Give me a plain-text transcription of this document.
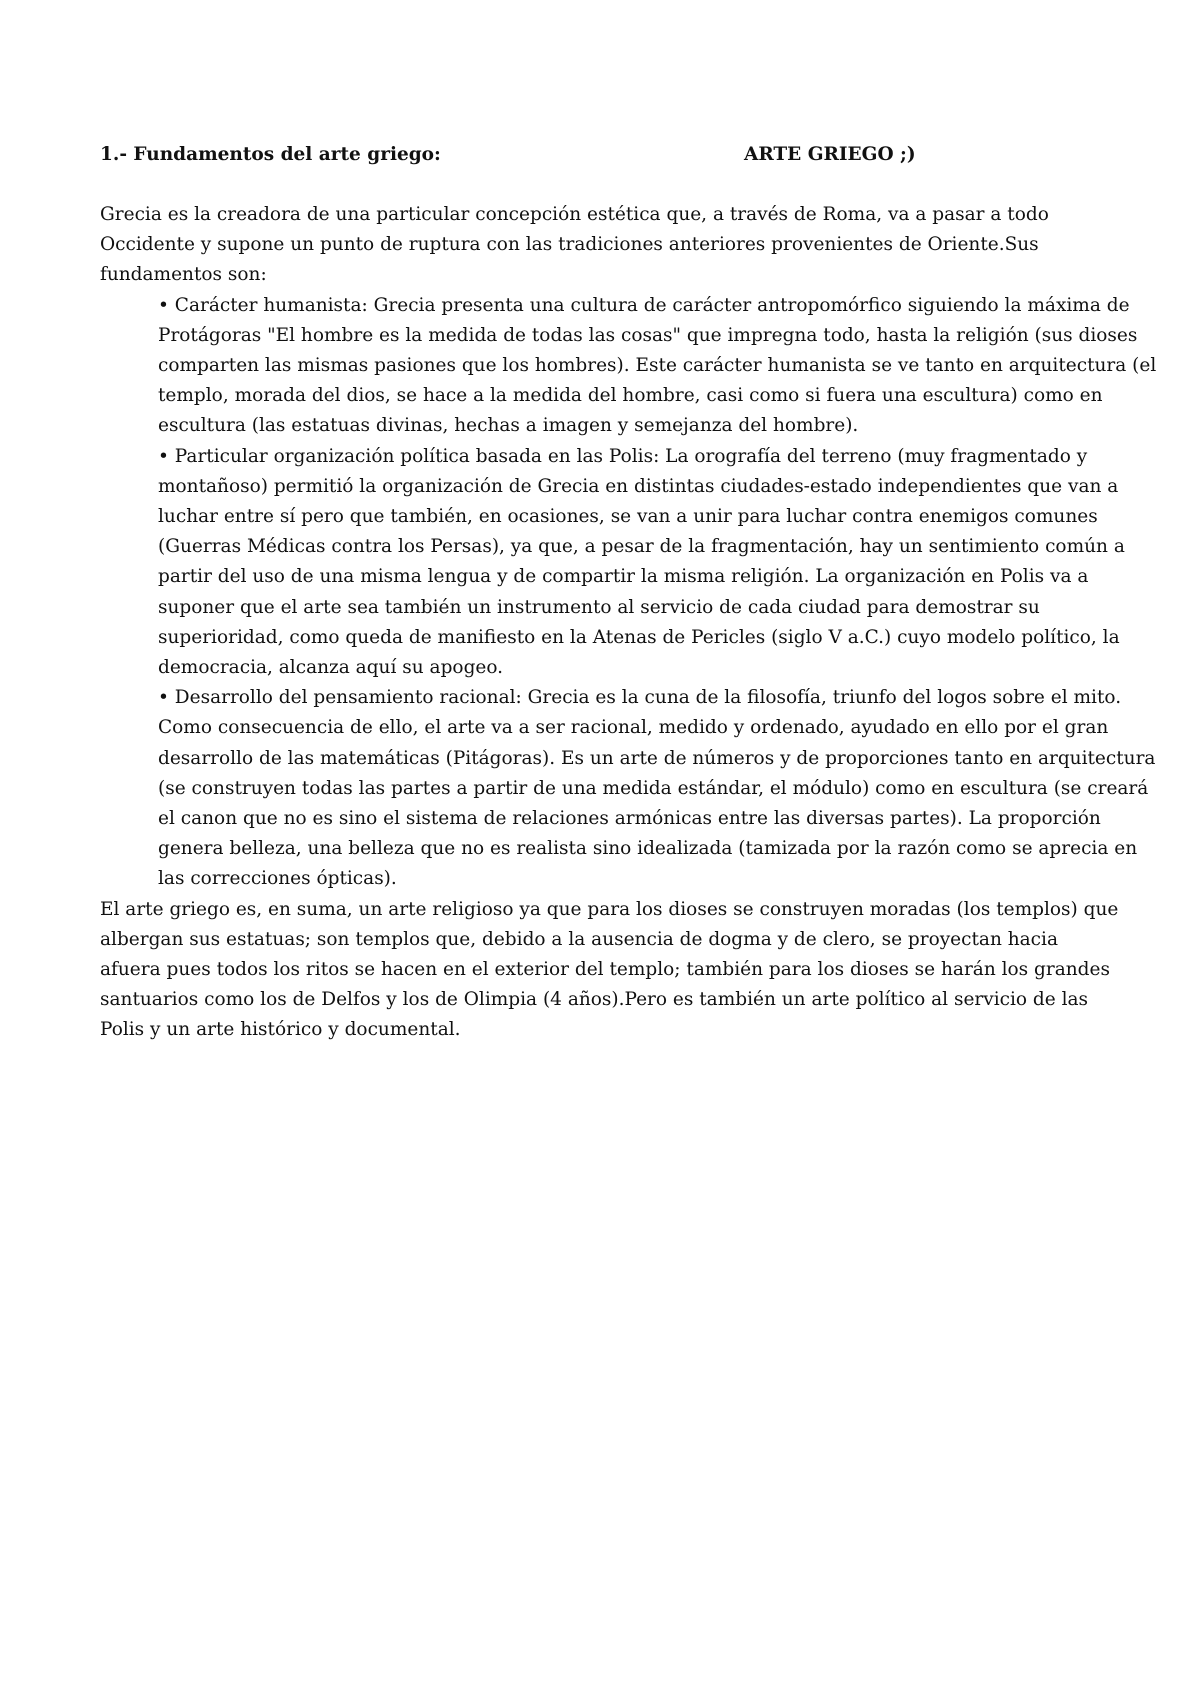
1.- Fundamentos del arte griego:	ARTE GRIEGO ;)

Grecia es la creadora de una particular concepción estética que, a través de Roma, va a pasar a todo Occidente y supone un punto de ruptura con las tradiciones anteriores provenientes de Oriente.Sus fundamentos son:

• Carácter humanista: Grecia presenta una cultura de carácter antropomórfico siguiendo la máxima de Protágoras "El hombre es la medida de todas las cosas" que impregna todo, hasta la religión (sus dioses comparten las mismas pasiones que los hombres). Este carácter humanista se ve tanto en arquitectura (el templo, morada del dios, se hace a la medida del hombre, casi como si fuera una escultura) como en escultura (las estatuas divinas, hechas a imagen y semejanza del hombre).

• Particular organización política basada en las Polis: La orografía del terreno (muy fragmentado y montañoso) permitió la organización de Grecia en distintas ciudades-estado independientes que van a luchar entre sí pero que también, en ocasiones, se van a unir para luchar contra enemigos comunes (Guerras Médicas contra los Persas), ya que, a pesar de la fragmentación, hay un sentimiento común a partir del uso de una misma lengua y de compartir la misma religión. La organización en Polis va a suponer que el arte sea también un instrumento al servicio de cada ciudad para demostrar su superioridad, como queda de manifiesto en la Atenas de Pericles (siglo V a.C.) cuyo modelo político, la democracia, alcanza aquí su apogeo.

• Desarrollo del pensamiento racional: Grecia es la cuna de la filosofía, triunfo del logos sobre el mito. Como consecuencia de ello, el arte va a ser racional, medido y ordenado, ayudado en ello por el gran desarrollo de las matemáticas (Pitágoras). Es un arte de números y de proporciones tanto en arquitectura (se construyen todas las partes a partir de una medida estándar, el módulo) como en escultura (se creará el canon que no es sino el sistema de relaciones armónicas entre las diversas partes). La proporción genera belleza, una belleza que no es realista sino idealizada (tamizada por la razón como se aprecia en las correcciones ópticas).

El arte griego es, en suma, un arte religioso ya que para los dioses se construyen moradas (los templos) que albergan sus estatuas; son templos que, debido a la ausencia de dogma y de clero, se proyectan hacia afuera pues todos los ritos se hacen en el exterior del templo; también para los dioses se harán los grandes santuarios como los de Delfos y los de Olimpia (4 años).Pero es también un arte político al servicio de las Polis y un arte histórico y documental.
